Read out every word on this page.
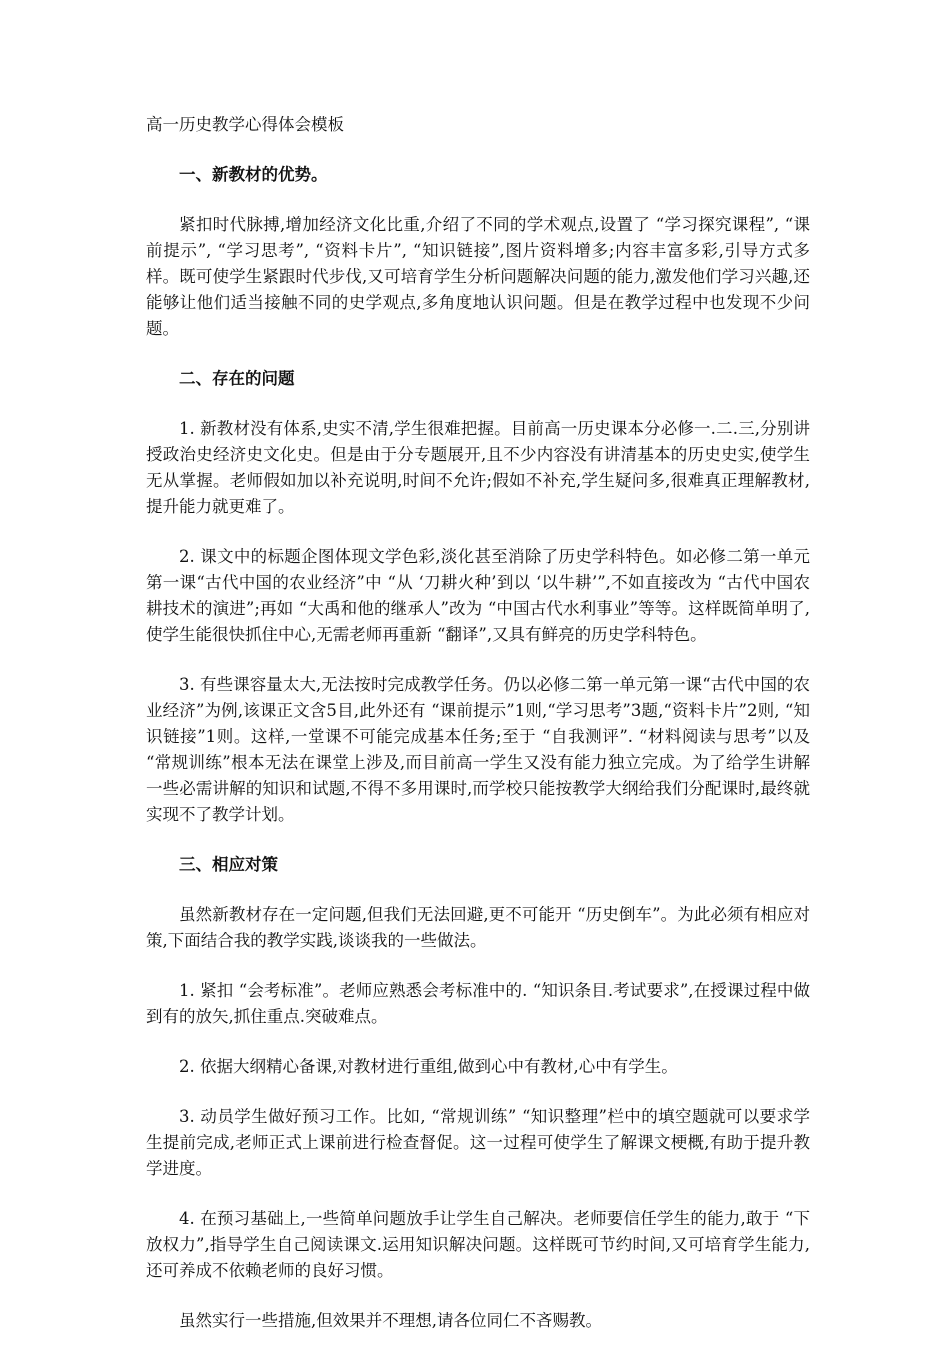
高一历史教学心得体会模板
一、新教材的优势。

紧扣时代脉搏,增加经济文化比重,介绍了不同的学术观点,设置了 “学习探究课程”, “课前提示”, “学习思考”, “资料卡片”, “知识链接”,图片资料增多;内容丰富多彩,引导方式多样。既可使学生紧跟时代步伐,又可培育学生分析问题解决问题的能力,激发他们学习兴趣,还能够让他们适当接触不同的史学观点,多角度地认识问题。但是在教学过程中也发现不少问题。

二、存在的问题

1. 新教材没有体系,史实不清,学生很难把握。目前高一历史课本分必修一.二.三,分别讲授政治史经济史文化史。但是由于分专题展开,且不少内容没有讲清基本的历史史实,使学生无从掌握。老师假如加以补充说明,时间不允许;假如不补充,学生疑问多,很难真正理解教材,提升能力就更难了。

2. 课文中的标题企图体现文学色彩,淡化甚至消除了历史学科特色。如必修二第一单元第一课“古代中国的农业经济”中 “从 ‘刀耕火种’到以 ‘以牛耕’”,不如直接改为 “古代中国农耕技术的演进”;再如 “大禹和他的继承人”改为 “中国古代水利事业”等等。这样既简单明了,使学生能很快抓住中心,无需老师再重新 “翻译”,又具有鲜亮的历史学科特色。

3. 有些课容量太大,无法按时完成教学任务。仍以必修二第一单元第一课“古代中国的农业经济”为例,该课正文含5目,此外还有 “课前提示”1则,“学习思考”3题,“资料卡片”2则, “知识链接”1则。这样,一堂课不可能完成基本任务;至于 “自我测评”. “材料阅读与思考”以及 “常规训练”根本无法在课堂上涉及,而目前高一学生又没有能力独立完成。为了给学生讲解一些必需讲解的知识和试题,不得不多用课时,而学校只能按教学大纲给我们分配课时,最终就实现不了教学计划。

三、相应对策

虽然新教材存在一定问题,但我们无法回避,更不可能开 “历史倒车”。为此必须有相应对策,下面结合我的教学实践,谈谈我的一些做法。

1. 紧扣 “会考标准”。老师应熟悉会考标准中的. “知识条目.考试要求”,在授课过程中做到有的放矢,抓住重点.突破难点。

2. 依据大纲精心备课,对教材进行重组,做到心中有教材,心中有学生。

3. 动员学生做好预习工作。比如, “常规训练” “知识整理”栏中的填空题就可以要求学生提前完成,老师正式上课前进行检查督促。这一过程可使学生了解课文梗概,有助于提升教学进度。

4. 在预习基础上,一些简单问题放手让学生自己解决。老师要信任学生的能力,敢于 “下放权力”,指导学生自己阅读课文.运用知识解决问题。这样既可节约时间,又可培育学生能力,还可养成不依赖老师的良好习惯。

虽然实行一些措施,但效果并不理想,请各位同仁不吝赐教。
